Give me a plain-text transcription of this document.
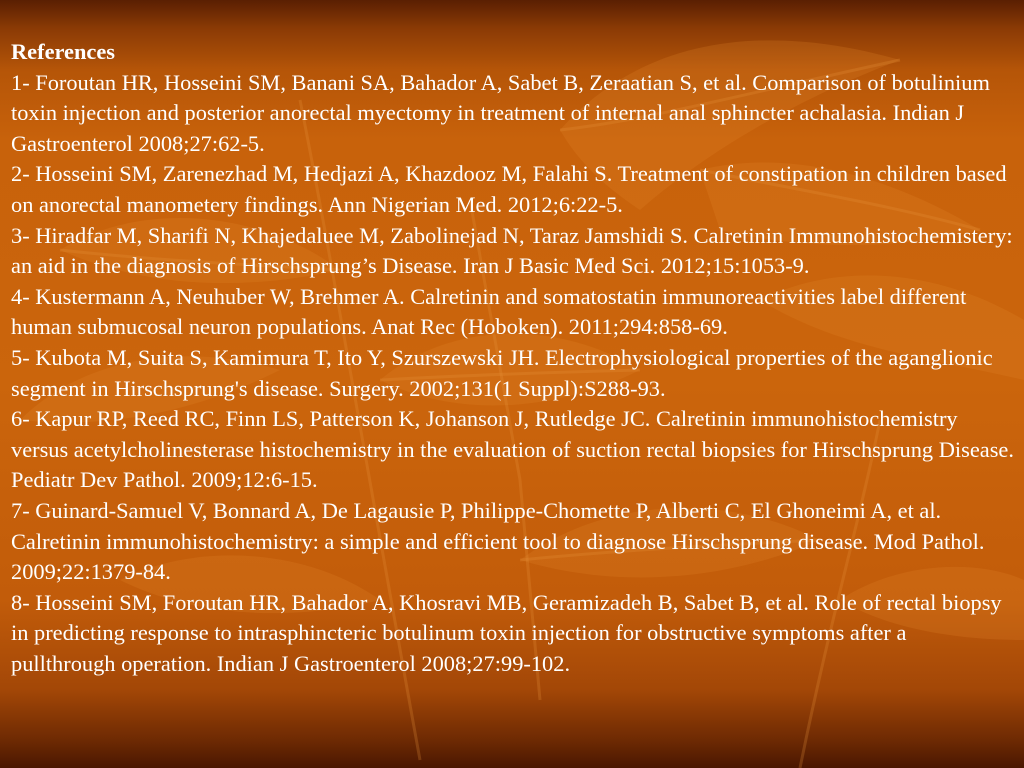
References

1- Foroutan HR, Hosseini SM, Banani SA, Bahador A, Sabet B, Zeraatian S, et al. Comparison of botulinium toxin injection and posterior anorectal myectomy in treatment of internal anal sphincter achalasia. Indian J Gastroenterol 2008;27:62-5.

2- Hosseini SM, Zarenezhad M, Hedjazi A, Khazdooz M, Falahi S. Treatment of constipation in children based on anorectal manometery findings. Ann Nigerian Med. 2012;6:22-5.

3- Hiradfar M, Sharifi N, Khajedaluee M, Zabolinejad N, Taraz Jamshidi S. Calretinin Immunohistochemistery: an aid in the diagnosis of Hirschsprung’s Disease. Iran J Basic Med Sci. 2012;15:1053-9.

4- Kustermann A, Neuhuber W, Brehmer A. Calretinin and somatostatin immunoreactivities label different human submucosal neuron populations. Anat Rec (Hoboken). 2011;294:858-69.

5- Kubota M, Suita S, Kamimura T, Ito Y, Szurszewski JH. Electrophysiological properties of the aganglionic segment in Hirschsprung's disease. Surgery. 2002;131(1 Suppl):S288-93.

6- Kapur RP, Reed RC, Finn LS, Patterson K, Johanson J, Rutledge JC. Calretinin immunohistochemistry versus acetylcholinesterase histochemistry in the evaluation of suction rectal biopsies for Hirschsprung Disease. Pediatr Dev Pathol. 2009;12:6-15.

7- Guinard-Samuel V, Bonnard A, De Lagausie P, Philippe-Chomette P, Alberti C, El Ghoneimi A, et al. Calretinin immunohistochemistry: a simple and efficient tool to diagnose Hirschsprung disease. Mod Pathol. 2009;22:1379-84.

8- Hosseini SM, Foroutan HR, Bahador A, Khosravi MB, Geramizadeh B, Sabet B, et al. Role of rectal biopsy in predicting response to intrasphincteric botulinum toxin injection for obstructive symptoms after a pullthrough operation. Indian J Gastroenterol 2008;27:99-102.
